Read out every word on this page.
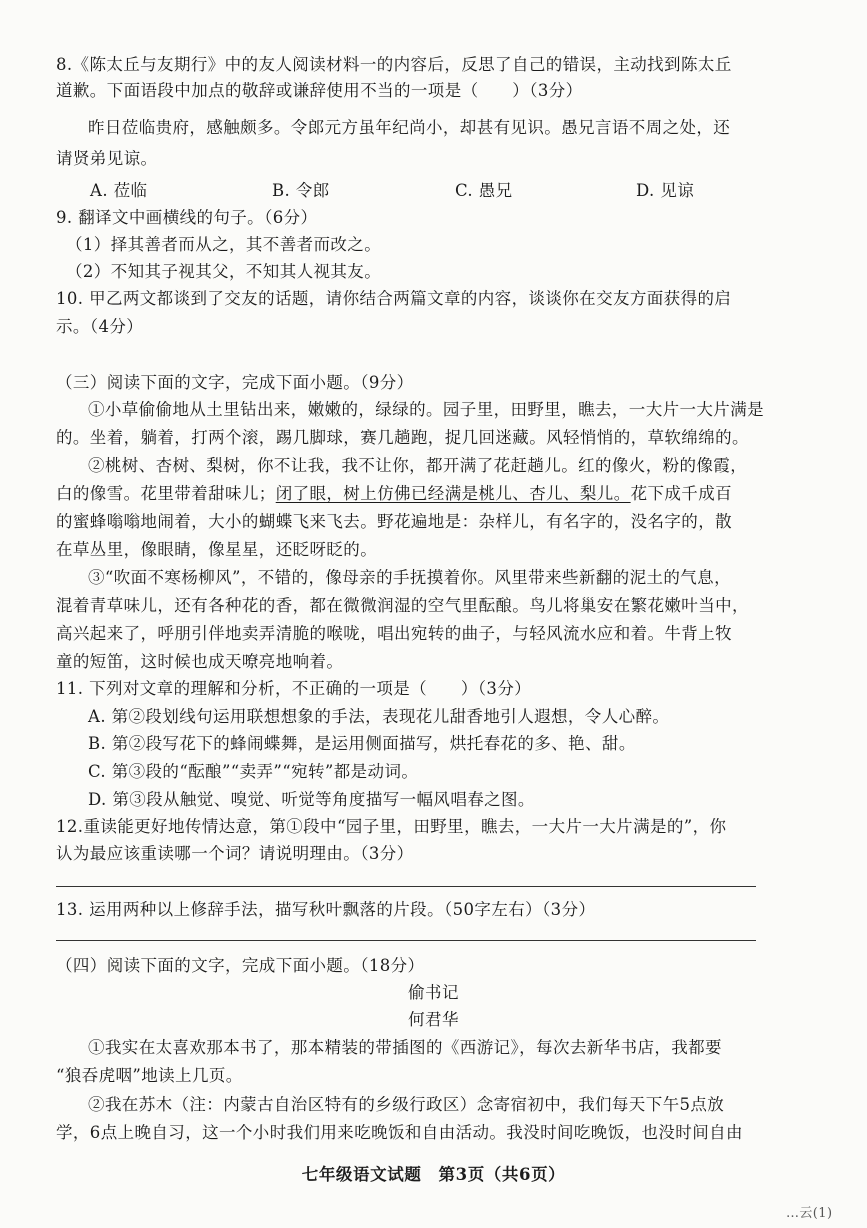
8.《陈太丘与友期行》中的友人阅读材料一的内容后，反思了自己的错误，主动找到陈太丘
道歉。下面语段中加点的敬辞或谦辞使用不当的一项是（　　）（3分）
昨日莅临贵府，感触颇多。令郎元方虽年纪尚小，却甚有见识。愚兄言语不周之处，还
请贤弟见谅。
A. 莅临	B. 令郎	C. 愚兄	D. 见谅
9. 翻译文中画横线的句子。（6分）
（1）择其善者而从之，其不善者而改之。
（2）不知其子视其父，不知其人视其友。
10. 甲乙两文都谈到了交友的话题，请你结合两篇文章的内容，谈谈你在交友方面获得的启
示。（4分）
（三）阅读下面的文字，完成下面小题。（9分）
①小草偷偷地从土里钻出来，嫩嫩的，绿绿的。园子里，田野里，瞧去，一大片一大片满是
的。坐着，躺着，打两个滚，踢几脚球，赛几趟跑，捉几回迷藏。风轻悄悄的，草软绵绵的。
②桃树、杏树、梨树，你不让我，我不让你，都开满了花赶趟儿。红的像火，粉的像霞，
白的像雪。花里带着甜味儿；闭了眼，树上仿佛已经满是桃儿、杏儿、梨儿。花下成千成百
的蜜蜂嗡嗡地闹着，大小的蝴蝶飞来飞去。野花遍地是：杂样儿，有名字的，没名字的，散
在草丛里，像眼睛，像星星，还眨呀眨的。
③“吹面不寒杨柳风”，不错的，像母亲的手抚摸着你。风里带来些新翻的泥土的气息，
混着青草味儿，还有各种花的香，都在微微润湿的空气里酝酿。鸟儿将巢安在繁花嫩叶当中，
高兴起来了，呼朋引伴地卖弄清脆的喉咙，唱出宛转的曲子，与轻风流水应和着。牛背上牧
童的短笛，这时候也成天嘹亮地响着。
11. 下列对文章的理解和分析，不正确的一项是（　　）（3分）
A. 第②段划线句运用联想想象的手法，表现花儿甜香地引人遐想，令人心醉。
B. 第②段写花下的蜂闹蝶舞，是运用侧面描写，烘托春花的多、艳、甜。
C. 第③段的“酝酿”“卖弄”“宛转”都是动词。
D. 第③段从触觉、嗅觉、听觉等角度描写一幅风唱春之图。
12.重读能更好地传情达意，第①段中“园子里，田野里，瞧去，一大片一大片满是的”，你
认为最应该重读哪一个词？请说明理由。（3分）
13. 运用两种以上修辞手法，描写秋叶飘落的片段。（50字左右）（3分）
（四）阅读下面的文字，完成下面小题。（18分）
偷书记
何君华
①我实在太喜欢那本书了，那本精装的带插图的《西游记》，每次去新华书店，我都要
“狼吞虎咽”地读上几页。
②我在苏木（注：内蒙古自治区特有的乡级行政区）念寄宿初中，我们每天下午5点放
学，6点上晚自习，这一个小时我们用来吃晚饭和自由活动。我没时间吃晚饭，也没时间自由
七年级语文试题　第3页（共6页）
…云(1)
